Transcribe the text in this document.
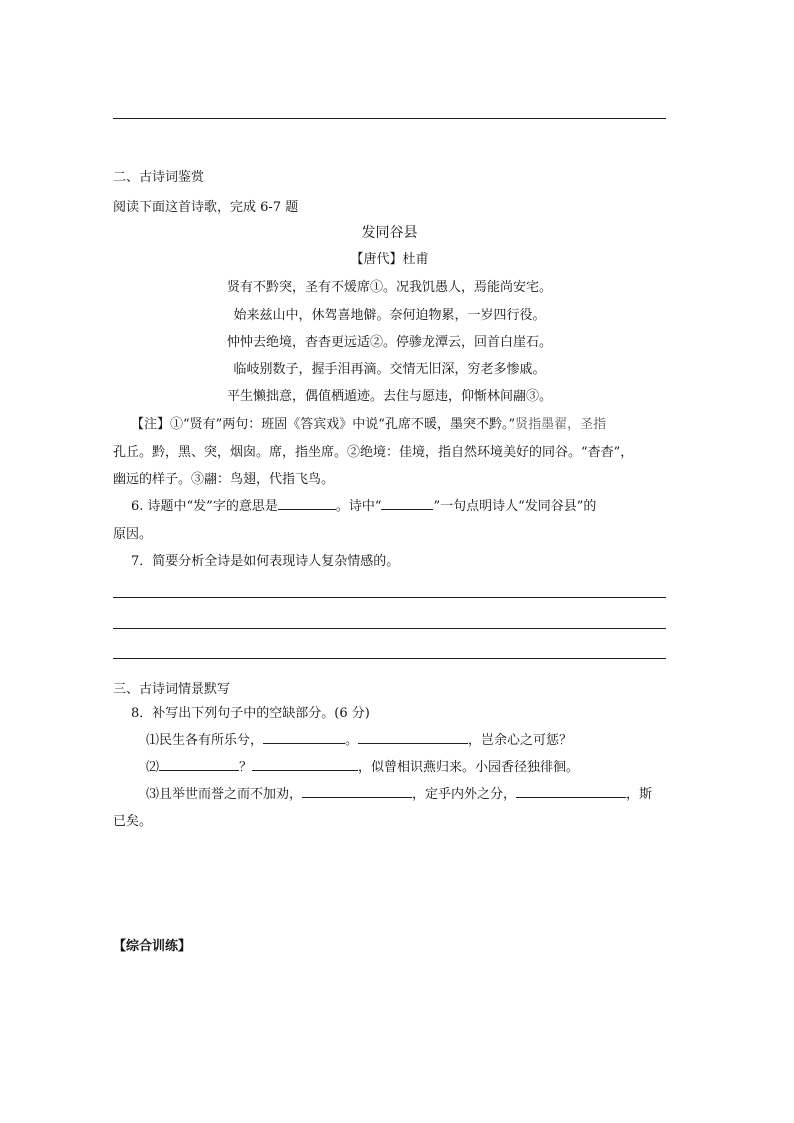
二、古诗词鉴赏
阅读下面这首诗歌，完成 6-7 题
发同谷县
【唐代】杜甫
贤有不黔突，圣有不煖席①。况我饥愚人，焉能尚安宅。
始来兹山中，休驾喜地僻。奈何迫物累，一岁四行役。
忡忡去绝境，杳杳更远适②。停骖龙潭云，回首白崖石。
临岐别数子，握手泪再滴。交情无旧深，穷老多惨戚。
平生懒拙意，偶值栖遁迹。去住与愿违，仰惭林间翮③。
【注】①“贤有”两句：班固《答宾戏》中说“孔席不暖，墨突不黔。”贤指墨翟，圣指
孔丘。黔，黑、突，烟囱。席，指坐席。②绝境：佳境，指自然环境美好的同谷。“杳杳”，
幽远的样子。③翮：鸟翅，代指飞鸟。
6. 诗题中“发”字的意思是	。诗中“	”一句点明诗人“发同谷县”的
原因。
7．简要分析全诗是如何表现诗人复杂情感的。
三、古诗词情景默写
8．补写出下列句子中的空缺部分。(6 分)
⑴民生各有所乐兮，	。	，岂余心之可惩？
⑵	？	，似曾相识燕归来。小园香径独徘徊。
⑶且举世而誉之而不加劝，	，定乎内外之分，	，斯
已矣。
【综合训练】
